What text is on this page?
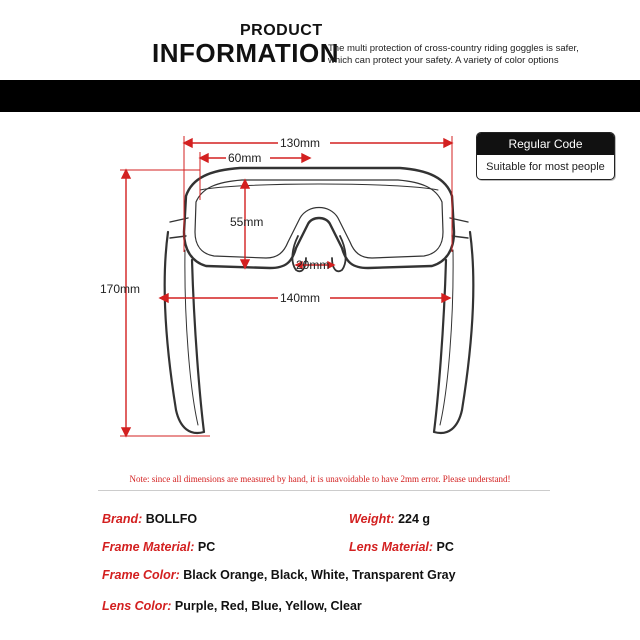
PRODUCT
INFORMATION
The multi protection of cross-country riding goggles is safer, which can protect your safety. A variety of color options
130mm
60mm
55mm
20mm
140mm
170mm
Regular Code
Suitable for most people
Note: since all dimensions are measured by hand, it is unavoidable to have 2mm error. Please understand!
Brand: BOLLFO	Weight: 224 g
Frame Material: PC	Lens Material: PC
Frame Color: Black Orange, Black, White, Transparent Gray
Lens Color: Purple, Red, Blue, Yellow, Clear
